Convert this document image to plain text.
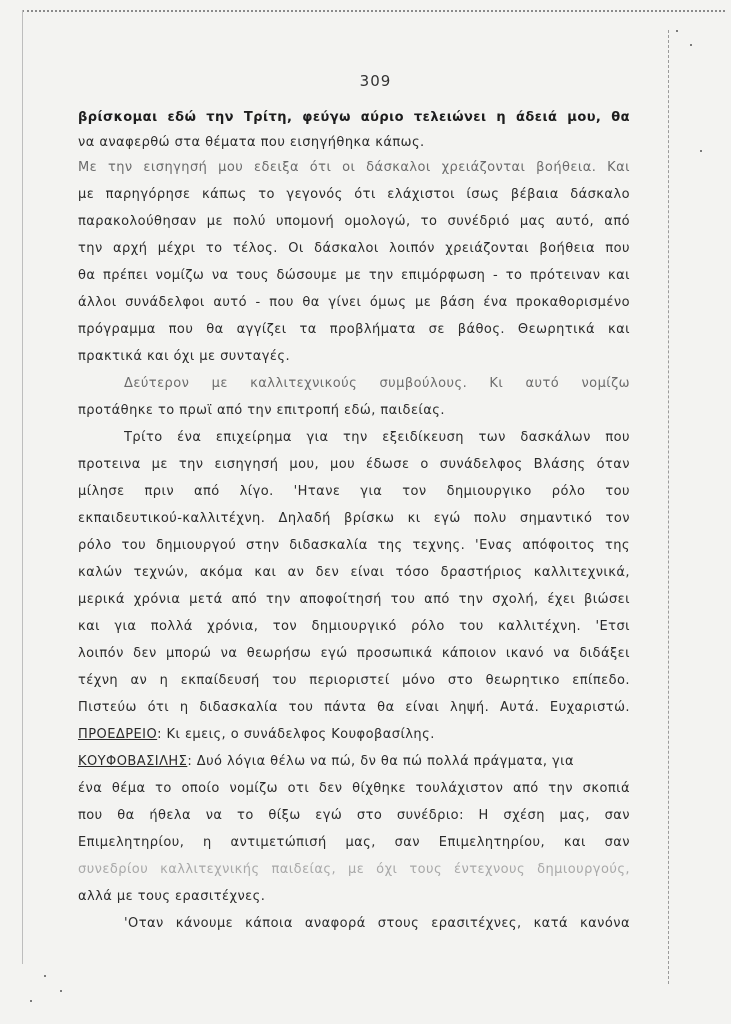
309
βρίσκομαι εδώ την Τρίτη, φεύγω αύριο τελειώνει η άδειά μου, θα
να αναφερθώ στα θέματα που εισηγήθηκα κάπως.
Με την εισηγησή μου εδειξα ότι οι δάσκαλοι χρειάζονται βοήθεια. Και
με παρηγόρησε κάπως το γεγονός ότι ελάχιστοι ίσως βέβαια δάσκαλο
παρακολούθησαν με πολύ υπομονή ομολογώ, το συνέδριό μας αυτό, από
την αρχή μέχρι το τέλος. Οι δάσκαλοι λοιπόν χρειάζονται βοήθεια που
θα πρέπει νομίζω να τους δώσουμε με την επιμόρφωση - το πρότειναν και
άλλοι συνάδελφοι αυτό - που θα γίνει όμως με βάση ένα προκαθορισμένο
πρόγραμμα που θα αγγίζει τα προβλήματα σε βάθος. Θεωρητικά και
πρακτικά και όχι με συνταγές.
Δεύτερον με καλλιτεχνικούς συμβούλους. Κι αυτό νομίζω
προτάθηκε το πρωϊ από την επιτροπή εδώ, παιδείας.
Τρίτο ένα επιχείρημα για την εξειδίκευση των δασκάλων που
προτεινα με την εισηγησή μου, μου έδωσε ο συνάδελφος Βλάσης όταν
μίλησε πριν από λίγο. 'Ητανε για τον δημιουργικο ρόλο του
εκπαιδευτικού-καλλιτέχνη. Δηλαδή βρίσκω κι εγώ πολυ σημαντικό τον
ρόλο του δημιουργού στην διδασκαλία της τεχνης. 'Ενας απόφοιτος της
καλών τεχνών, ακόμα και αν δεν είναι τόσο δραστήριος καλλιτεχνικά,
μερικά χρόνια μετά από την αποφοίτησή του από την σχολή, έχει βιώσει
και για πολλά χρόνια, τον δημιουργικό ρόλο του καλλιτέχνη. 'Ετσι
λοιπόν δεν μπορώ να θεωρήσω εγώ προσωπικά κάποιον ικανό να διδάξει
τέχνη αν η εκπαίδευσή του περιοριστεί μόνο στο θεωρητικο επίπεδο.
Πιστεύω ότι η διδασκαλία του πάντα θα είναι ληψή. Αυτά. Ευχαριστώ.
ΠΡΟΕΔΡΕΙΟ: Κι εμεις, ο συνάδελφος Κουφοβασίλης.
ΚΟΥΦΟΒΑΣΙΛΗΣ: Δυό λόγια θέλω να πώ, δν θα πώ πολλά πράγματα, για
ένα θέμα το οποίο νομίζω οτι δεν θίχθηκε τουλάχιστον από την σκοπιά
που θα ήθελα να το θίξω εγώ στο συνέδριο: Η σχέση μας, σαν
Επιμελητηρίου, η αντιμετώπισή μας, σαν Επιμελητηρίου, και σαν
συνεδρίου καλλιτεχνικής παιδείας, με όχι τους έντεχνους δημιουργούς,
αλλά με τους ερασιτέχνες.
'Οταν κάνουμε κάποια αναφορά στους ερασιτέχνες, κατά κανόνα
